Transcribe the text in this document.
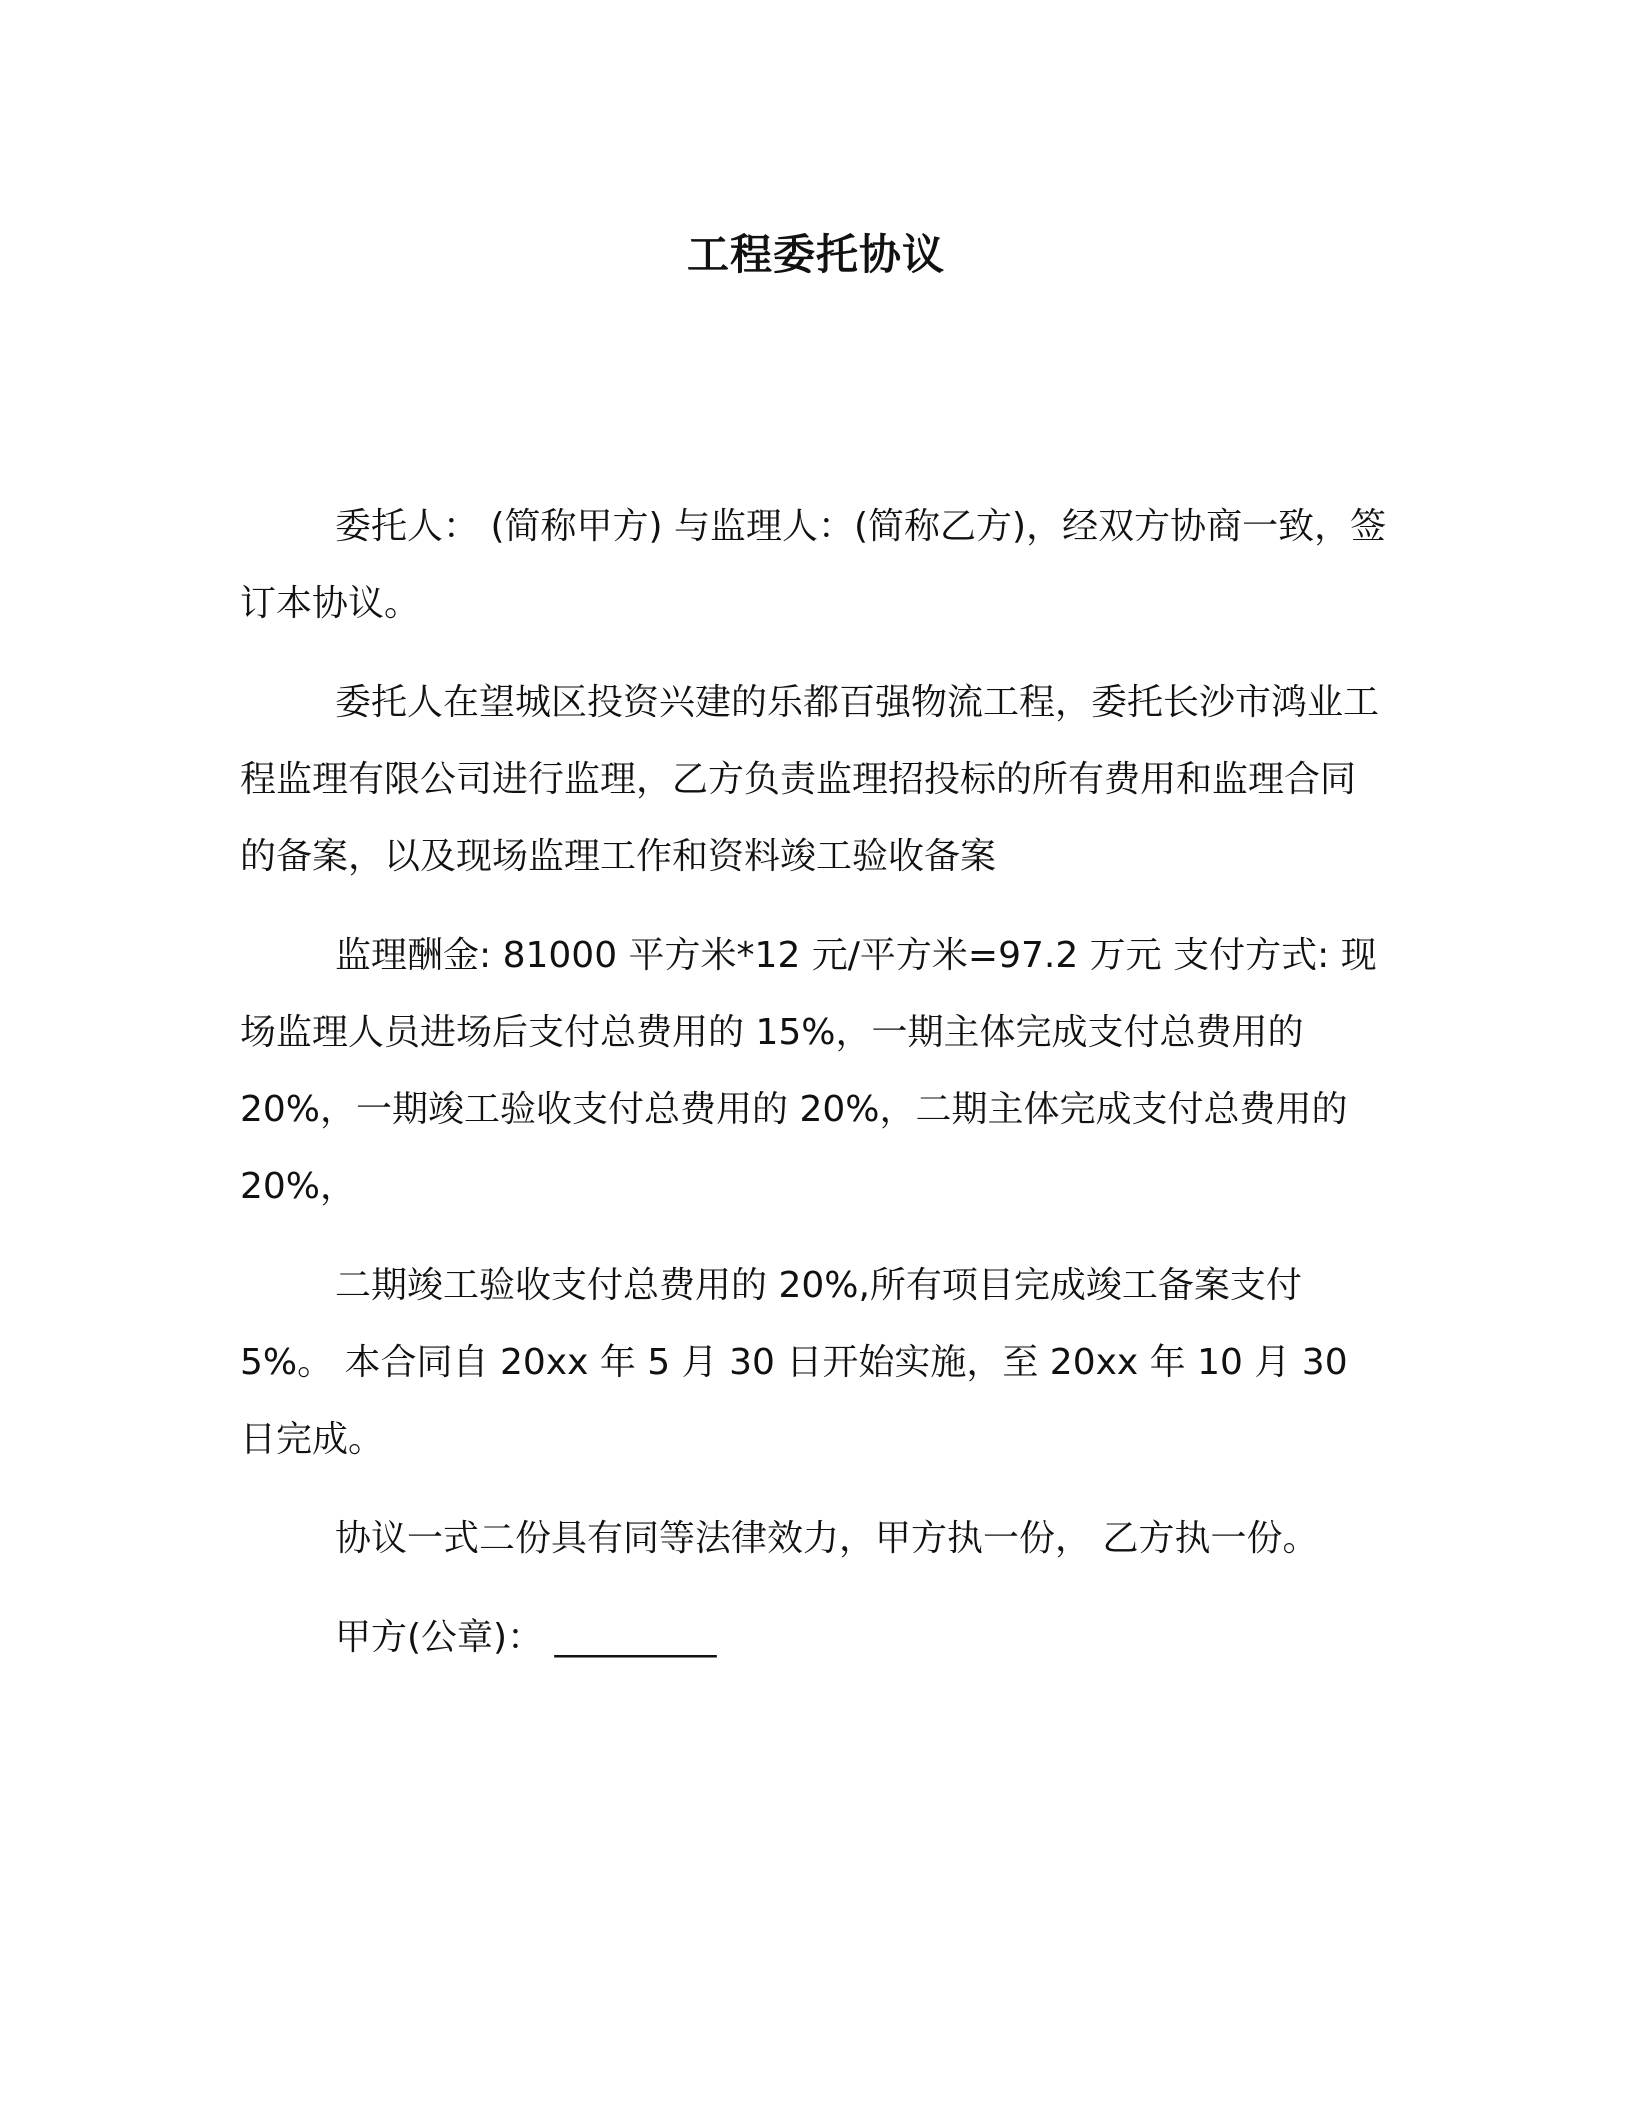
工程委托协议

委托人： (简称甲方) 与监理人：(简称乙方)，经双方协商一致，签订本协议。

委托人在望城区投资兴建的乐都百强物流工程，委托长沙市鸿业工程监理有限公司进行监理，乙方负责监理招投标的所有费用和监理合同的备案，以及现场监理工作和资料竣工验收备案

监理酬金: 81000 平方米*12 元/平方米=97.2 万元 支付方式: 现场监理人员进场后支付总费用的 15%，一期主体完成支付总费用的 20%，一期竣工验收支付总费用的 20%，二期主体完成支付总费用的 20%，

二期竣工验收支付总费用的 20%,所有项目完成竣工备案支付 5%。 本合同自 20xx 年 5 月 30 日开始实施，至 20xx 年 10 月 30 日完成。

协议一式二份具有同等法律效力，甲方执一份， 乙方执一份。

甲方(公章)： _________
